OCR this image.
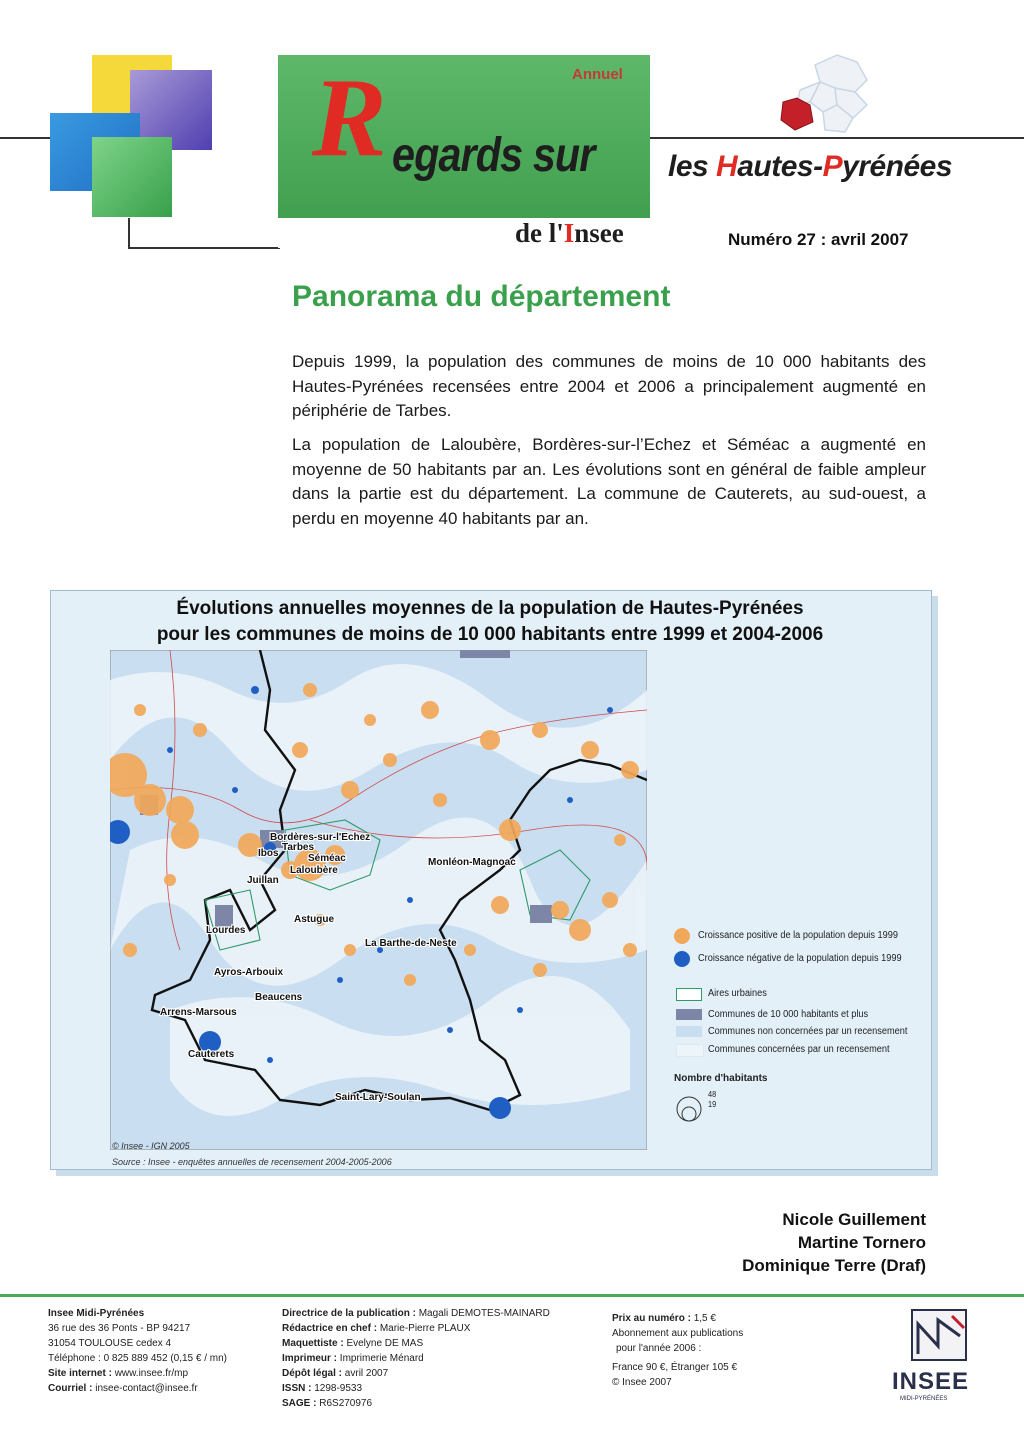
Annuel
R egards sur
de l'Insee
les Hautes-Pyrénées
Numéro 27 : avril 2007
Panorama du département

Depuis 1999, la population des communes de moins de 10 000 habitants des Hautes-Pyrénées recensées entre 2004 et 2006 a principalement augmenté en périphérie de Tarbes.

La population de Laloubère, Bordères-sur-l’Echez et Séméac a augmenté en moyenne de 50 habitants par an. Les évolutions sont en général de faible ampleur dans la partie est du département. La commune de Cauterets, au sud-ouest, a perdu en moyenne 40 habitants par an.

Évolutions annuelles moyennes de la population de Hautes-Pyrénées
pour les communes de moins de 10 000 habitants entre 1999 et 2004-2006
Bordères-sur-l'Echez
Tarbes
Ibos	Séméac
Laloubère
Juillan
Monléon-Magnoac
Astugue
Lourdes
La Barthe-de-Neste
Ayros-Arbouix
Beaucens
Arrens-Marsous
Cauterets
Saint-Lary-Soulan
Croissance positive de la population depuis 1999
Croissance négative de la population depuis 1999
Aires urbaines
Communes de 10 000 habitants et plus
Communes non concernées par un recensement
Communes concernées par un recensement
Nombre d'habitants
48
19
© Insee - IGN 2005
Source : Insee - enquêtes annuelles de recensement 2004-2005-2006
Nicole Guillement
Martine Tornero
Dominique Terre (Draf)
Insee Midi-Pyrénées
36 rue des 36 Ponts - BP 94217
31054 TOULOUSE cedex 4
Téléphone : 0 825 889 452 (0,15 € / mn)
Site internet : www.insee.fr/mp
Courriel : insee-contact@insee.fr
Directrice de la publication : Magali DEMOTES-MAINARD
Rédactrice en chef : Marie-Pierre PLAUX
Maquettiste : Evelyne DE MAS
Imprimeur : Imprimerie Ménard
Dépôt légal : avril 2007
ISSN : 1298-9533
SAGE : R6S270976
Prix au numéro : 1,5 €
Abonnement aux publications
pour l'année 2006 :
France 90 €, Étranger 105 €
© Insee 2007	INSEE
MIDI-PYRÉNÉES
